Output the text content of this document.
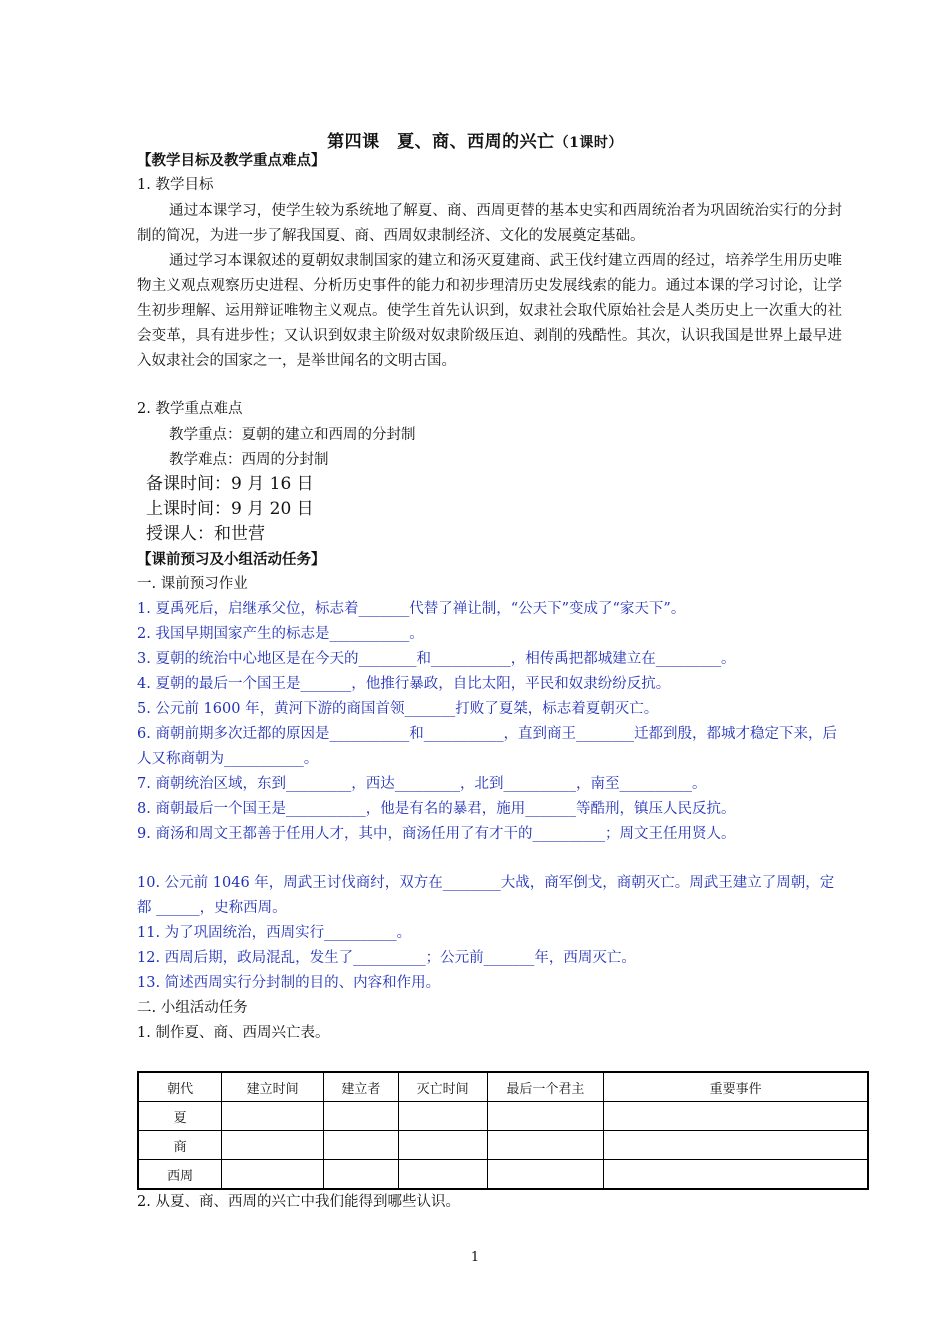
第四课　夏、商、西周的兴亡（1课时）
【教学目标及教学重点难点】
1. 教学目标
通过本课学习，使学生较为系统地了解夏、商、西周更替的基本史实和西周统治者为巩固统治实行的分封制的简况，为进一步了解我国夏、商、西周奴隶制经济、文化的发展奠定基础。
通过学习本课叙述的夏朝奴隶制国家的建立和汤灭夏建商、武王伐纣建立西周的经过，培养学生用历史唯物主义观点观察历史进程、分析历史事件的能力和初步理清历史发展线索的能力。通过本课的学习讨论，让学生初步理解、运用辩证唯物主义观点。使学生首先认识到，奴隶社会取代原始社会是人类历史上一次重大的社会变革，具有进步性；又认识到奴隶主阶级对奴隶阶级压迫、剥削的残酷性。其次，认识我国是世界上最早进入奴隶社会的国家之一，是举世闻名的文明古国。
2. 教学重点难点
教学重点：夏朝的建立和西周的分封制
教学难点：西周的分封制
备课时间：9 月 16 日
上课时间：9 月 20 日
授课人：和世营
【课前预习及小组活动任务】
一. 课前预习作业
1. 夏禹死后，启继承父位，标志着_______代替了禅让制，“公天下”变成了“家天下”。
2. 我国早期国家产生的标志是___________。
3. 夏朝的统治中心地区是在今天的________和___________，相传禹把都城建立在_________。
4. 夏朝的最后一个国王是_______，他推行暴政，自比太阳，平民和奴隶纷纷反抗。
5. 公元前 1600 年，黄河下游的商国首领_______打败了夏桀，标志着夏朝灭亡。
6. 商朝前期多次迁都的原因是___________和___________，直到商王________迁都到殷，都城才稳定下来，后人又称商朝为___________。
7. 商朝统治区域，东到_________，西达_________，北到__________，南至__________。
8. 商朝最后一个国王是___________，他是有名的暴君，施用_______等酷刑，镇压人民反抗。
9. 商汤和周文王都善于任用人才，其中，商汤任用了有才干的__________；周文王任用贤人。
10. 公元前 1046 年，周武王讨伐商纣，双方在________大战，商军倒戈，商朝灭亡。周武王建立了周朝，定都 ______，史称西周。
11. 为了巩固统治，西周实行__________。
12. 西周后期，政局混乱，发生了__________；公元前_______年，西周灭亡。
13. 简述西周实行分封制的目的、内容和作用。
二. 小组活动任务
1. 制作夏、商、西周兴亡表。
朝代	建立时间	建立者	灭亡时间	最后一个君主	重要事件
夏					
商					
西周					
2. 从夏、商、西周的兴亡中我们能得到哪些认识。
1
